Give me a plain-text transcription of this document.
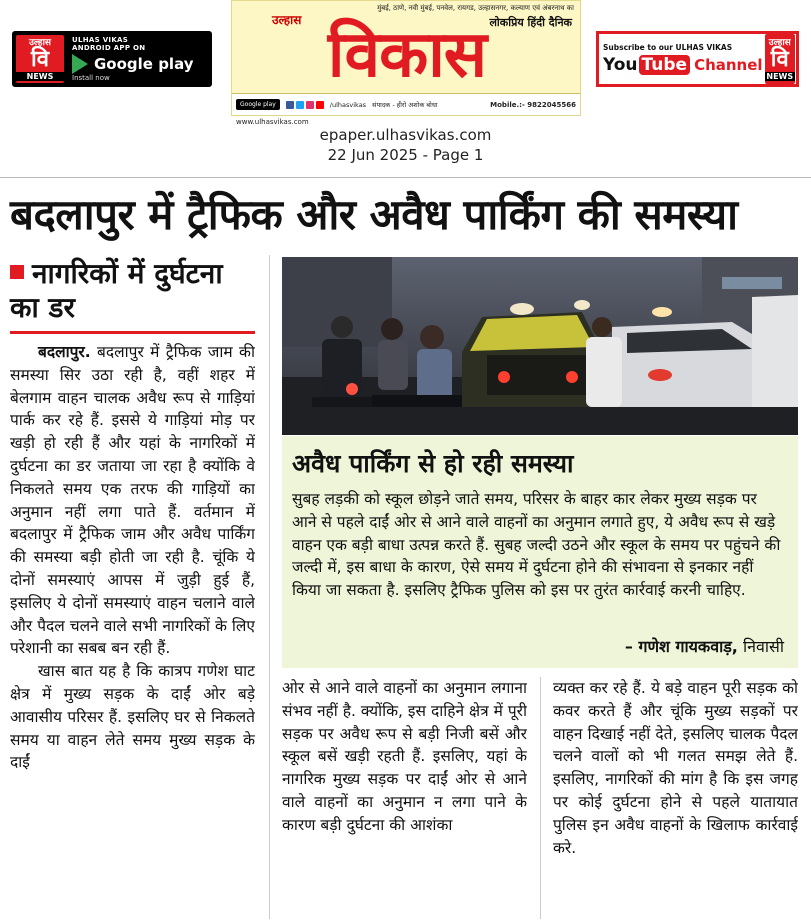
उल्हास
वि
NEWS
ULHAS VIKAS
ANDROID APP ON
Google play
Install now
मुंबई, ठाणे, नवी मुंबई, पनवेल, रायगड, उल्हासनगर, कल्याण एवं अंबरनाथ का
लोकप्रिय हिंदी दैनिक
विकास
उल्हास
Google play	/ulhasvikas संपादक - हीरो अशोक बोधा	Mobile.:- 9822045566
www.ulhasvikas.com
Subscribe to our ULHAS VIKAS
You Tube Channel
उल्हास
वि
NEWS
epaper.ulhasvikas.com
22 Jun 2025 - Page 1
बदलापुर में ट्रैफिक और अवैध पार्किंग की समस्या
नागरिकों में दुर्घटना का डर

बदलापुर. बदलापुर में ट्रैफिक जाम की समस्या सिर उठा रही है, वहीं शहर में बेलगाम वाहन चालक अवैध रूप से गाड़ियां पार्क कर रहे हैं. इससे ये गाड़ियां मोड़ पर खड़ी हो रही हैं और यहां के नागरिकों में दुर्घटना का डर जताया जा रहा है क्योंकि वे निकलते समय एक तरफ की गाड़ियों का अनुमान नहीं लगा पाते हैं. वर्तमान में बदलापुर में ट्रैफिक जाम और अवैध पार्किंग की समस्या बड़ी होती जा रही है. चूंकि ये दोनों समस्याएं आपस में जुड़ी हुई हैं, इसलिए ये दोनों समस्याएं वाहन चलाने वाले और पैदल चलने वाले सभी नागरिकों के लिए परेशानी का सबब बन रही हैं.

खास बात यह है कि कात्रप गणेश घाट क्षेत्र में मुख्य सड़क के दाईं ओर बड़े आवासीय परिसर हैं. इसलिए घर से निकलते समय या वाहन लेते समय मुख्य सड़क के दाईं

अवैध पार्किंग से हो रही समस्या
सुबह लड़की को स्कूल छोड़ने जाते समय, परिसर के बाहर कार लेकर मुख्य सड़क पर आने से पहले दाईं ओर से आने वाले वाहनों का अनुमान लगाते हुए, ये अवैध रूप से खड़े वाहन एक बड़ी बाधा उत्पन्न करते हैं. सुबह जल्दी उठने और स्कूल के समय पर पहुंचने की जल्दी में, इस बाधा के कारण, ऐसे समय में दुर्घटना होने की संभावना से इनकार नहीं किया जा सकता है. इसलिए ट्रैफिक पुलिस को इस पर तुरंत कार्रवाई करनी चाहिए.
– गणेश गायकवाड़, निवासी

ओर से आने वाले वाहनों का अनुमान लगाना संभव नहीं है. क्योंकि, इस दाहिने क्षेत्र में पूरी सड़क पर अवैध रूप से बड़ी निजी बसें और स्कूल बसें खड़ी रहती हैं. इसलिए, यहां के नागरिक मुख्य सड़क पर दाईं ओर से आने वाले वाहनों का अनुमान न लगा पाने के कारण बड़ी दुर्घटना की आशंका

व्यक्त कर रहे हैं. ये बड़े वाहन पूरी सड़क को कवर करते हैं और चूंकि मुख्य सड़कों पर वाहन दिखाई नहीं देते, इसलिए चालक पैदल चलने वालों को भी गलत समझ लेते हैं. इसलिए, नागरिकों की मांग है कि इस जगह पर कोई दुर्घटना होने से पहले यातायात पुलिस इन अवैध वाहनों के खिलाफ कार्रवाई करे.
